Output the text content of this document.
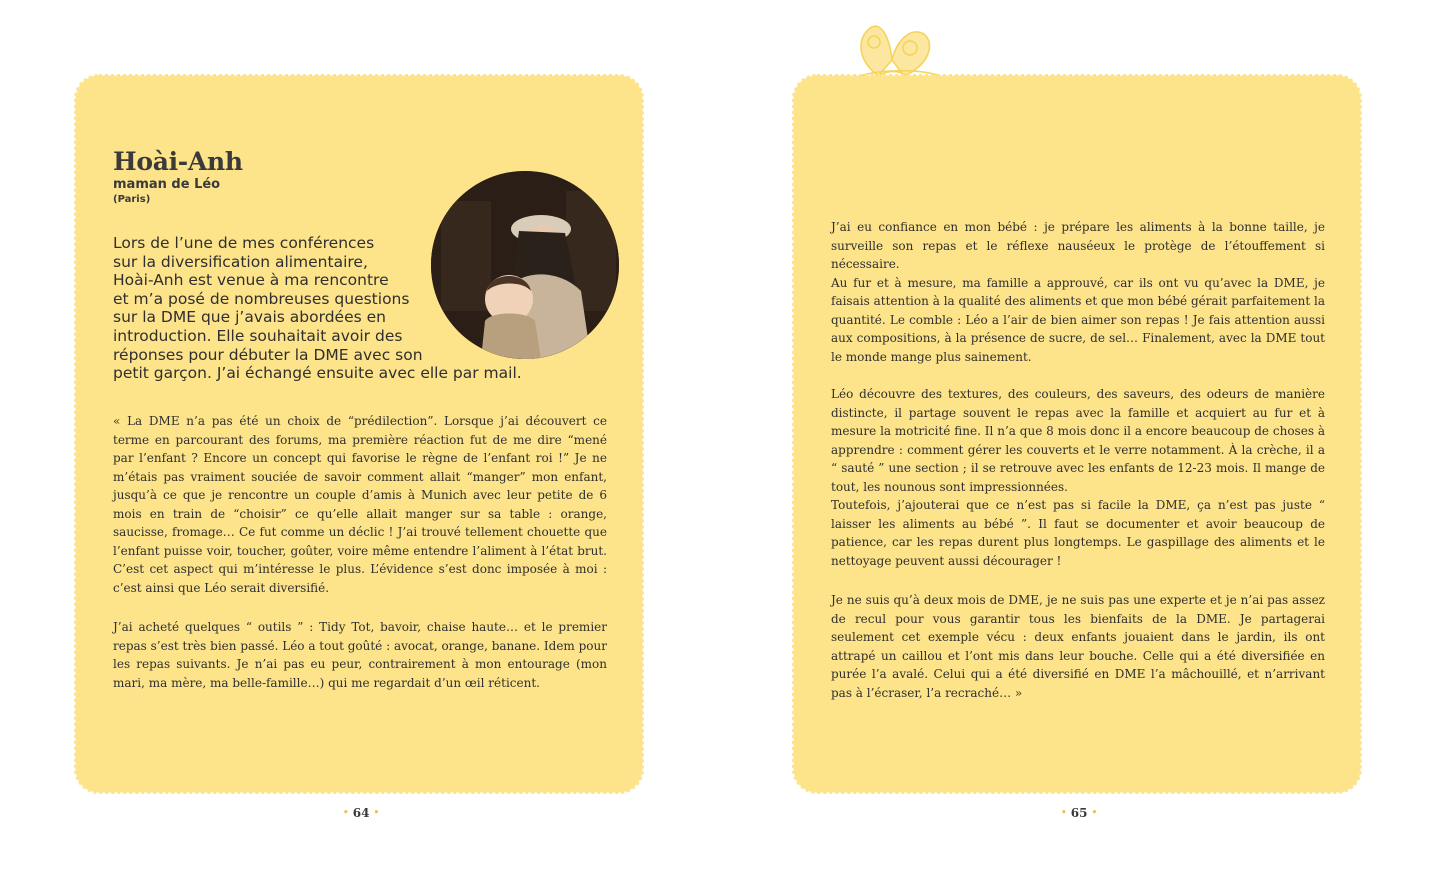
Hoài-Anh

maman de Léo

(Paris)

Lors de l’une de mes conférences
sur la diversification alimentaire,
Hoài-Anh est venue à ma rencontre
et m’a posé de nombreuses questions
sur la DME que j’avais abordées en
introduction. Elle souhaitait avoir des
réponses pour débuter la DME avec son
petit garçon. J’ai échangé ensuite avec elle par mail.

« La DME n’a pas été un choix de “prédilection”. Lorsque j’ai découvert ce terme en parcourant des forums, ma première réaction fut de me dire “mené par l’enfant ? Encore un concept qui favorise le règne de l’enfant roi !” Je ne m’étais pas vraiment souciée de savoir comment allait “manger” mon enfant, jusqu’à ce que je rencontre un couple d’amis à Munich avec leur petite de 6 mois en train de “choisir” ce qu’elle allait manger sur sa table : orange, saucisse, fromage… Ce fut comme un déclic ! J’ai trouvé tellement chouette que l’enfant puisse voir, toucher, goûter, voire même entendre l’aliment à l’état brut. C’est cet aspect qui m’intéresse le plus. L’évidence s’est donc imposée à moi : c’est ainsi que Léo serait diversifié.

J’ai acheté quelques “ outils ” : Tidy Tot, bavoir, chaise haute… et le premier repas s’est très bien passé. Léo a tout goûté : avocat, orange, banane. Idem pour les repas suivants. Je n’ai pas eu peur, contrairement à mon entourage (mon mari, ma mère, ma belle-famille…) qui me regardait d’un œil réticent.

• 64 •

J’ai eu confiance en mon bébé : je prépare les aliments à la bonne taille, je surveille son repas et le réflexe nauséeux le protège de l’étouffement si nécessaire.
Au fur et à mesure, ma famille a approuvé, car ils ont vu qu’avec la DME, je faisais attention à la qualité des aliments et que mon bébé gérait parfaitement la quantité. Le comble : Léo a l’air de bien aimer son repas ! Je fais attention aussi aux compositions, à la présence de sucre, de sel… Finalement, avec la DME tout le monde mange plus sainement.

Léo découvre des textures, des couleurs, des saveurs, des odeurs de manière distincte, il partage souvent le repas avec la famille et acquiert au fur et à mesure la motricité fine. Il n’a que 8 mois donc il a encore beaucoup de choses à apprendre : comment gérer les couverts et le verre notamment. À la crèche, il a “ sauté ” une section ; il se retrouve avec les enfants de 12-23 mois. Il mange de tout, les nounous sont impressionnées.
Toutefois, j’ajouterai que ce n’est pas si facile la DME, ça n’est pas juste “ laisser les aliments au bébé ”. Il faut se documenter et avoir beaucoup de patience, car les repas durent plus longtemps. Le gaspillage des aliments et le nettoyage peuvent aussi décourager !

Je ne suis qu’à deux mois de DME, je ne suis pas une experte et je n’ai pas assez de recul pour vous garantir tous les bienfaits de la DME. Je partagerai seulement cet exemple vécu : deux enfants jouaient dans le jardin, ils ont attrapé un caillou et l’ont mis dans leur bouche. Celle qui a été diversifiée en purée l’a avalé. Celui qui a été diversifié en DME l’a mâchouillé, et n’arrivant pas à l’écraser, l’a recraché… »

• 65 •
